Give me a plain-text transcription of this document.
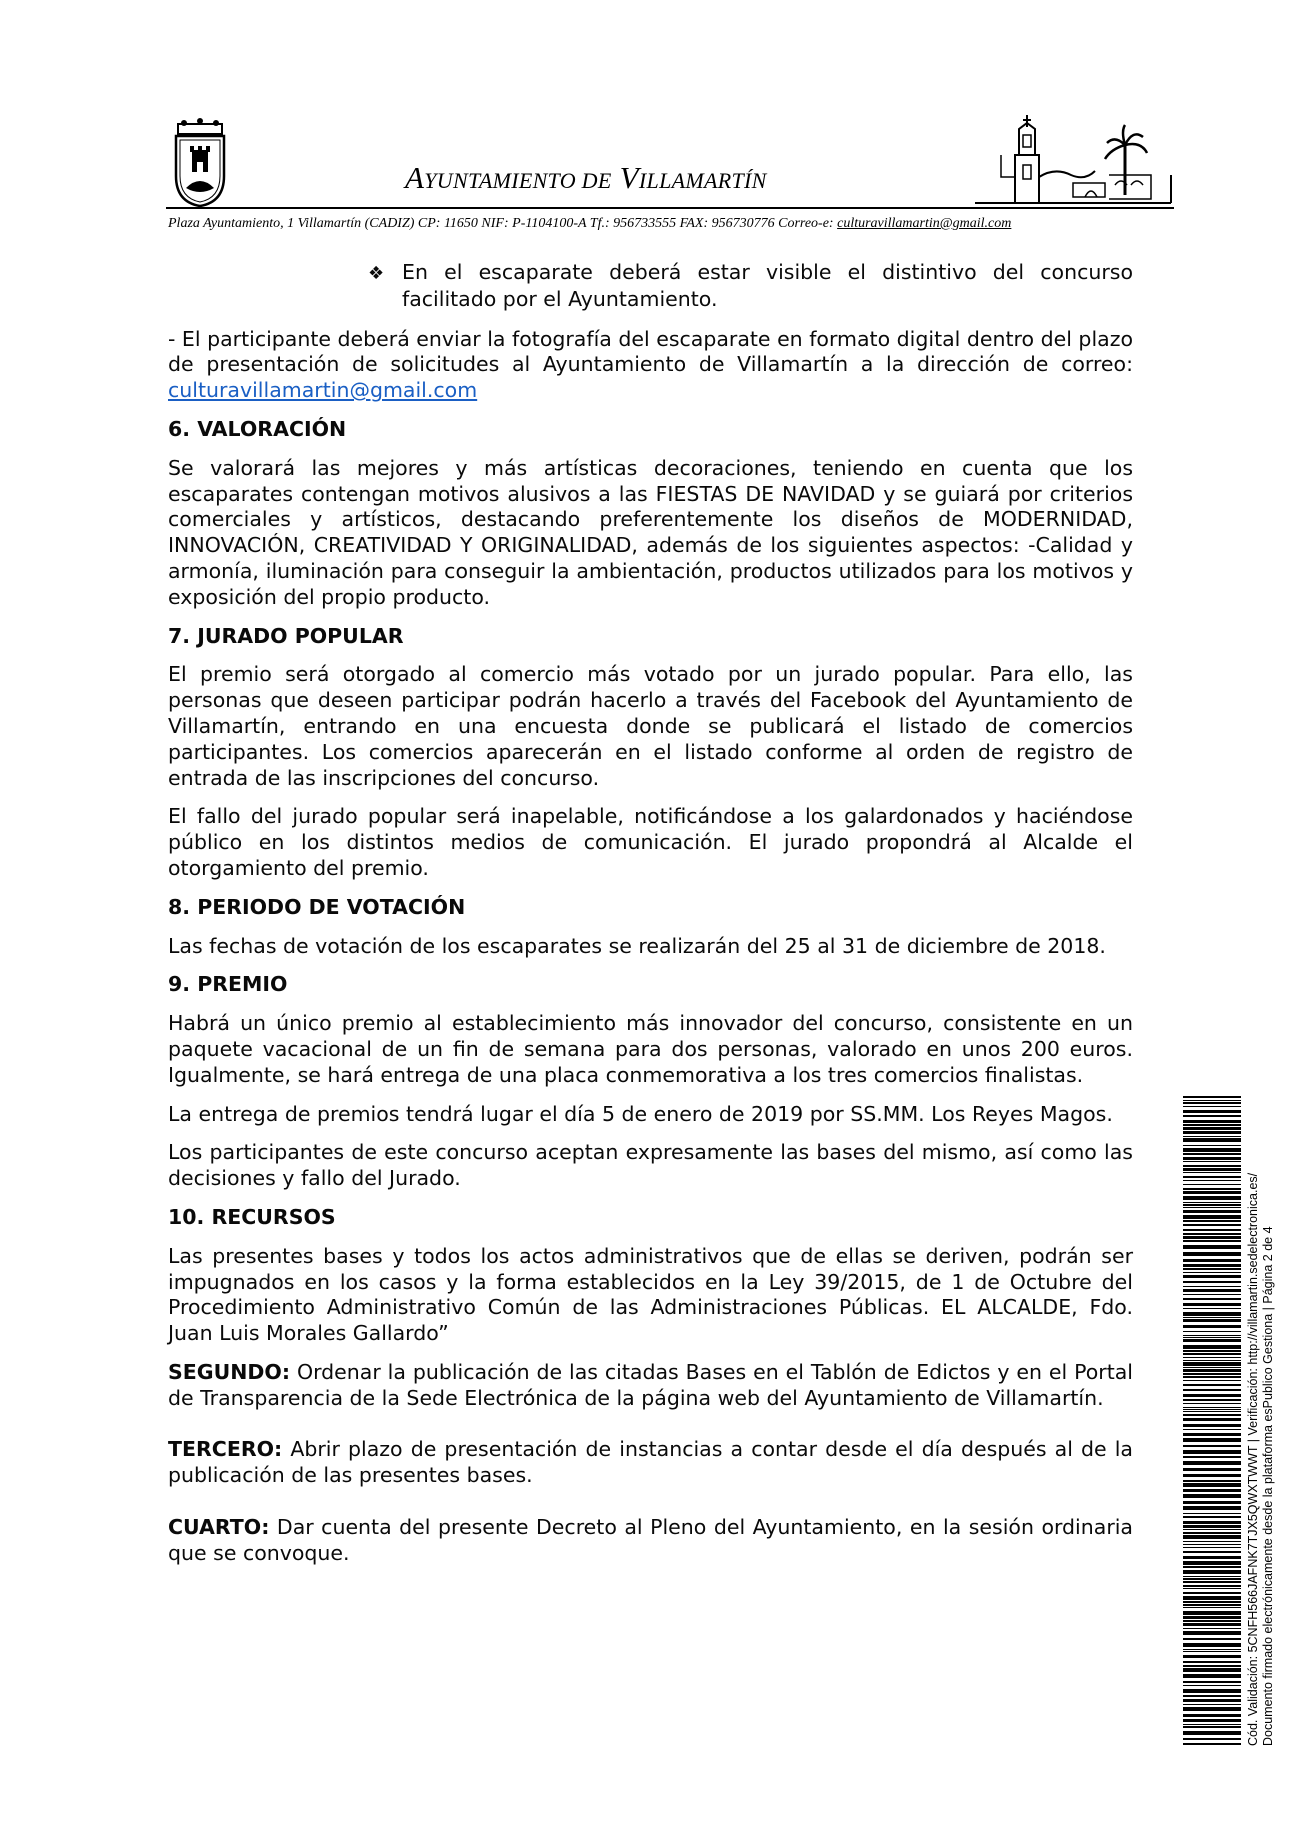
AYUNTAMIENTO DE VILLAMARTÍN
Plaza Ayuntamiento, 1 Villamartín (CADIZ) CP: 11650 NIF: P-1104100-A Tf.: 956733555 FAX: 956730776 Correo-e: culturavillamartin@gmail.com

❖ En el escaparate deberá estar visible el distintivo del concurso facilitado por el Ayuntamiento.

- El participante deberá enviar la fotografía del escaparate en formato digital dentro del plazo de presentación de solicitudes al Ayuntamiento de Villamartín a la dirección de correo: culturavillamartin@gmail.com

6. VALORACIÓN

Se valorará las mejores y más artísticas decoraciones, teniendo en cuenta que los escaparates contengan motivos alusivos a las FIESTAS DE NAVIDAD y se guiará por criterios comerciales y artísticos, destacando preferentemente los diseños de MODERNIDAD, INNOVACIÓN, CREATIVIDAD Y ORIGINALIDAD, además de los siguientes aspectos: -Calidad y armonía, iluminación para conseguir la ambientación, productos utilizados para los motivos y exposición del propio producto.

7. JURADO POPULAR

El premio será otorgado al comercio más votado por un jurado popular. Para ello, las personas que deseen participar podrán hacerlo a través del Facebook del Ayuntamiento de Villamartín, entrando en una encuesta donde se publicará el listado de comercios participantes. Los comercios aparecerán en el listado conforme al orden de registro de entrada de las inscripciones del concurso.

El fallo del jurado popular será inapelable, notificándose a los galardonados y haciéndose público en los distintos medios de comunicación. El jurado propondrá al Alcalde el otorgamiento del premio.

8. PERIODO DE VOTACIÓN

Las fechas de votación de los escaparates se realizarán del 25 al 31 de diciembre de 2018.

9. PREMIO

Habrá un único premio al establecimiento más innovador del concurso, consistente en un paquete vacacional de un fin de semana para dos personas, valorado en unos 200 euros. Igualmente, se hará entrega de una placa conmemorativa a los tres comercios finalistas.

La entrega de premios tendrá lugar el día 5 de enero de 2019 por SS.MM. Los Reyes Magos.

Los participantes de este concurso aceptan expresamente las bases del mismo, así como las decisiones y fallo del Jurado.

10. RECURSOS

Las presentes bases y todos los actos administrativos que de ellas se deriven, podrán ser impugnados en los casos y la forma establecidos en la Ley 39/2015, de 1 de Octubre del Procedimiento Administrativo Común de las Administraciones Públicas. EL ALCALDE, Fdo. Juan Luis Morales Gallardo”

SEGUNDO: Ordenar la publicación de las citadas Bases en el Tablón de Edictos y en el Portal de Transparencia de la Sede Electrónica de la página web del Ayuntamiento de Villamartín.

TERCERO: Abrir plazo de presentación de instancias a contar desde el día después al de la publicación de las presentes bases.

CUARTO: Dar cuenta del presente Decreto al Pleno del Ayuntamiento, en la sesión ordinaria que se convoque.	Cód. Validación: 5CNFH566JAFNK7TJX5QWXTWWT | Verificación: http://villamartin.sedelectronica.es/ Documento firmado electrónicamente desde la plataforma esPublico Gestiona | Página 2 de 4
